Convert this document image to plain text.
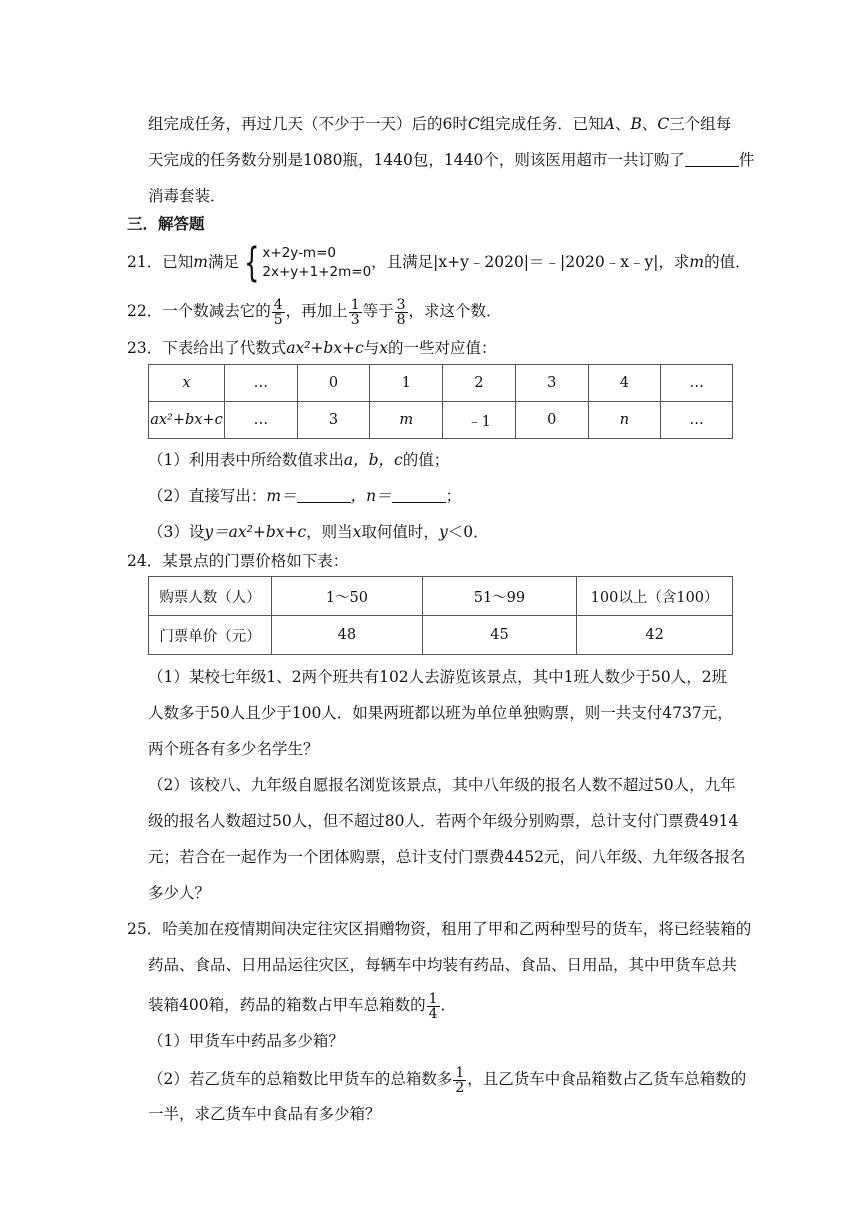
组完成任务，再过几天（不少于一天）后的6时C组完成任务．已知A、B、C三个组每
天完成的任务数分别是1080瓶，1440包，1440个，则该医用超市一共订购了	件
消毒套装．
三．解答题
21．已知m满足 { x+2y-m=0
2x+y+1+2m=0
，且满足|x+y﹣2020|＝﹣|2020﹣x﹣y|，求m的值．
22．一个数减去它的 $\frac{4}{5}$ ，再加上 $\frac{1}{3}$ 等于 $\frac{3}{8}$ ，求这个数．
23．下表给出了代数式ax²+bx+c与x的一些对应值：
x	…	0	1	2	3	4	…
ax²+bx+c	…	3	m	﹣1	0	n	…
（1）利用表中所给数值求出a，b，c的值；
（2）直接写出：m＝	，n＝	；
（3）设y＝ax²+bx+c，则当x取何值时，y＜0．
24．某景点的门票价格如下表：
购票人数（人）	1～50	51～99	100以上（含100）
门票单价（元）	48	45	42
（1）某校七年级1、2两个班共有102人去游览该景点，其中1班人数少于50人，2班
人数多于50人且少于100人．如果两班都以班为单位单独购票，则一共支付4737元，
两个班各有多少名学生？
（2）该校八、九年级自愿报名浏览该景点，其中八年级的报名人数不超过50人，九年
级的报名人数超过50人，但不超过80人．若两个年级分别购票，总计支付门票费4914
元；若合在一起作为一个团体购票，总计支付门票费4452元，问八年级、九年级各报名
多少人？
25．哈美加在疫情期间决定往灾区捐赠物资，租用了甲和乙两种型号的货车，将已经装箱的
药品、食品、日用品运往灾区，每辆车中均装有药品、食品、日用品，其中甲货车总共
装箱400箱，药品的箱数占甲车总箱数的 $\frac{1}{4}$ ．
（1）甲货车中药品多少箱？
（2）若乙货车的总箱数比甲货车的总箱数多 $\frac{1}{2}$ ，且乙货车中食品箱数占乙货车总箱数的
一半，求乙货车中食品有多少箱？
